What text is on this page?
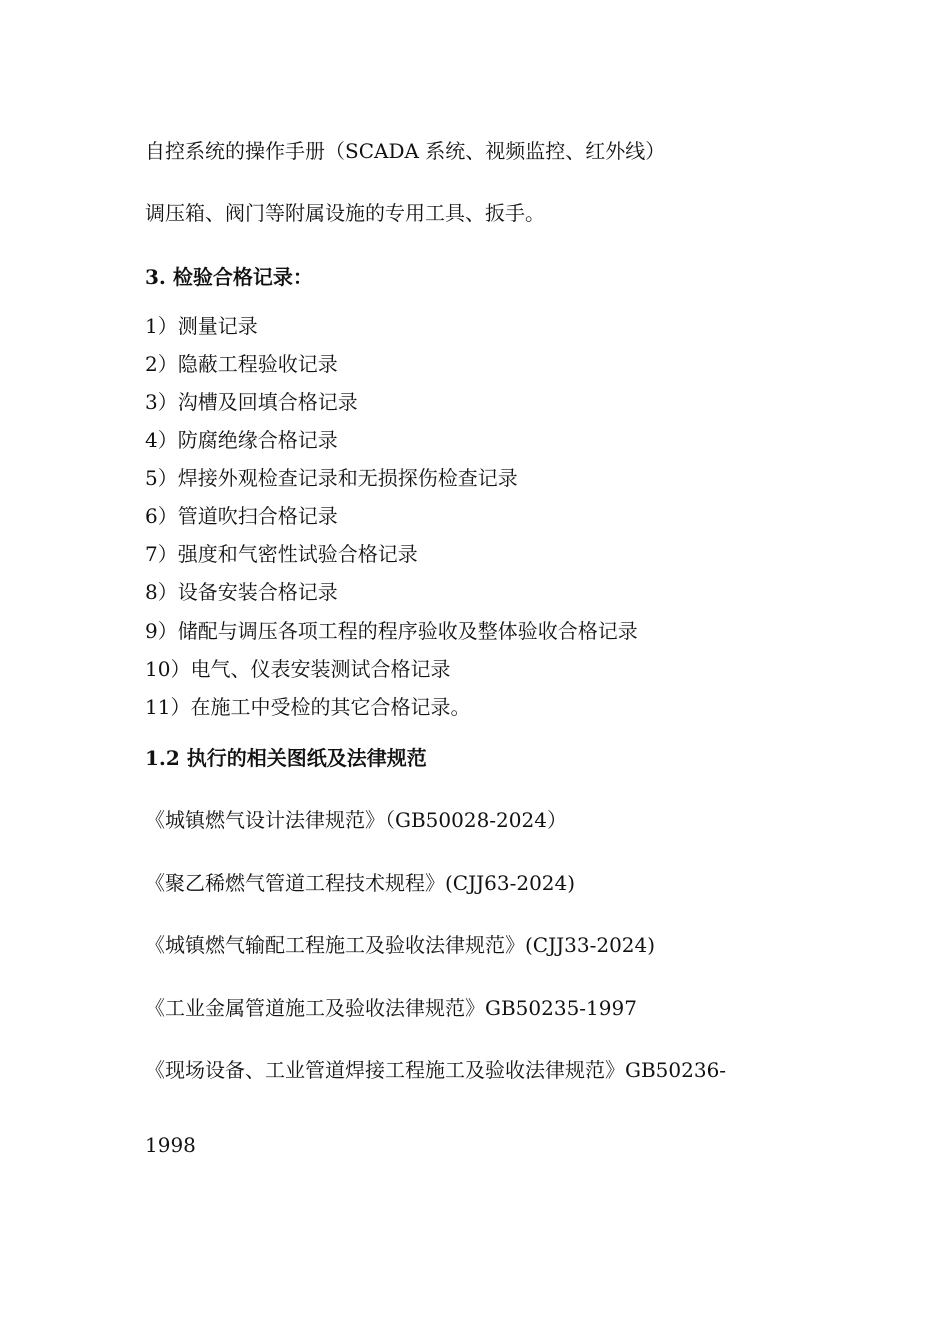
自控系统的操作手册（SCADA 系统、视频监控、红外线）
调压箱、阀门等附属设施的专用工具、扳手。
3. 检验合格记录：
1）测量记录
2）隐蔽工程验收记录
3）沟槽及回填合格记录
4）防腐绝缘合格记录
5）焊接外观检查记录和无损探伤检查记录
6）管道吹扫合格记录
7）强度和气密性试验合格记录
8）设备安装合格记录
9）储配与调压各项工程的程序验收及整体验收合格记录
10）电气、仪表安装测试合格记录
11）在施工中受检的其它合格记录。
1.2 执行的相关图纸及法律规范
《城镇燃气设计法律规范》（GB50028-2024）
《聚乙稀燃气管道工程技术规程》(CJJ63-2024)
《城镇燃气输配工程施工及验收法律规范》(CJJ33-2024)
《工业金属管道施工及验收法律规范》GB50235-1997
《现场设备、工业管道焊接工程施工及验收法律规范》GB50236-
1998
